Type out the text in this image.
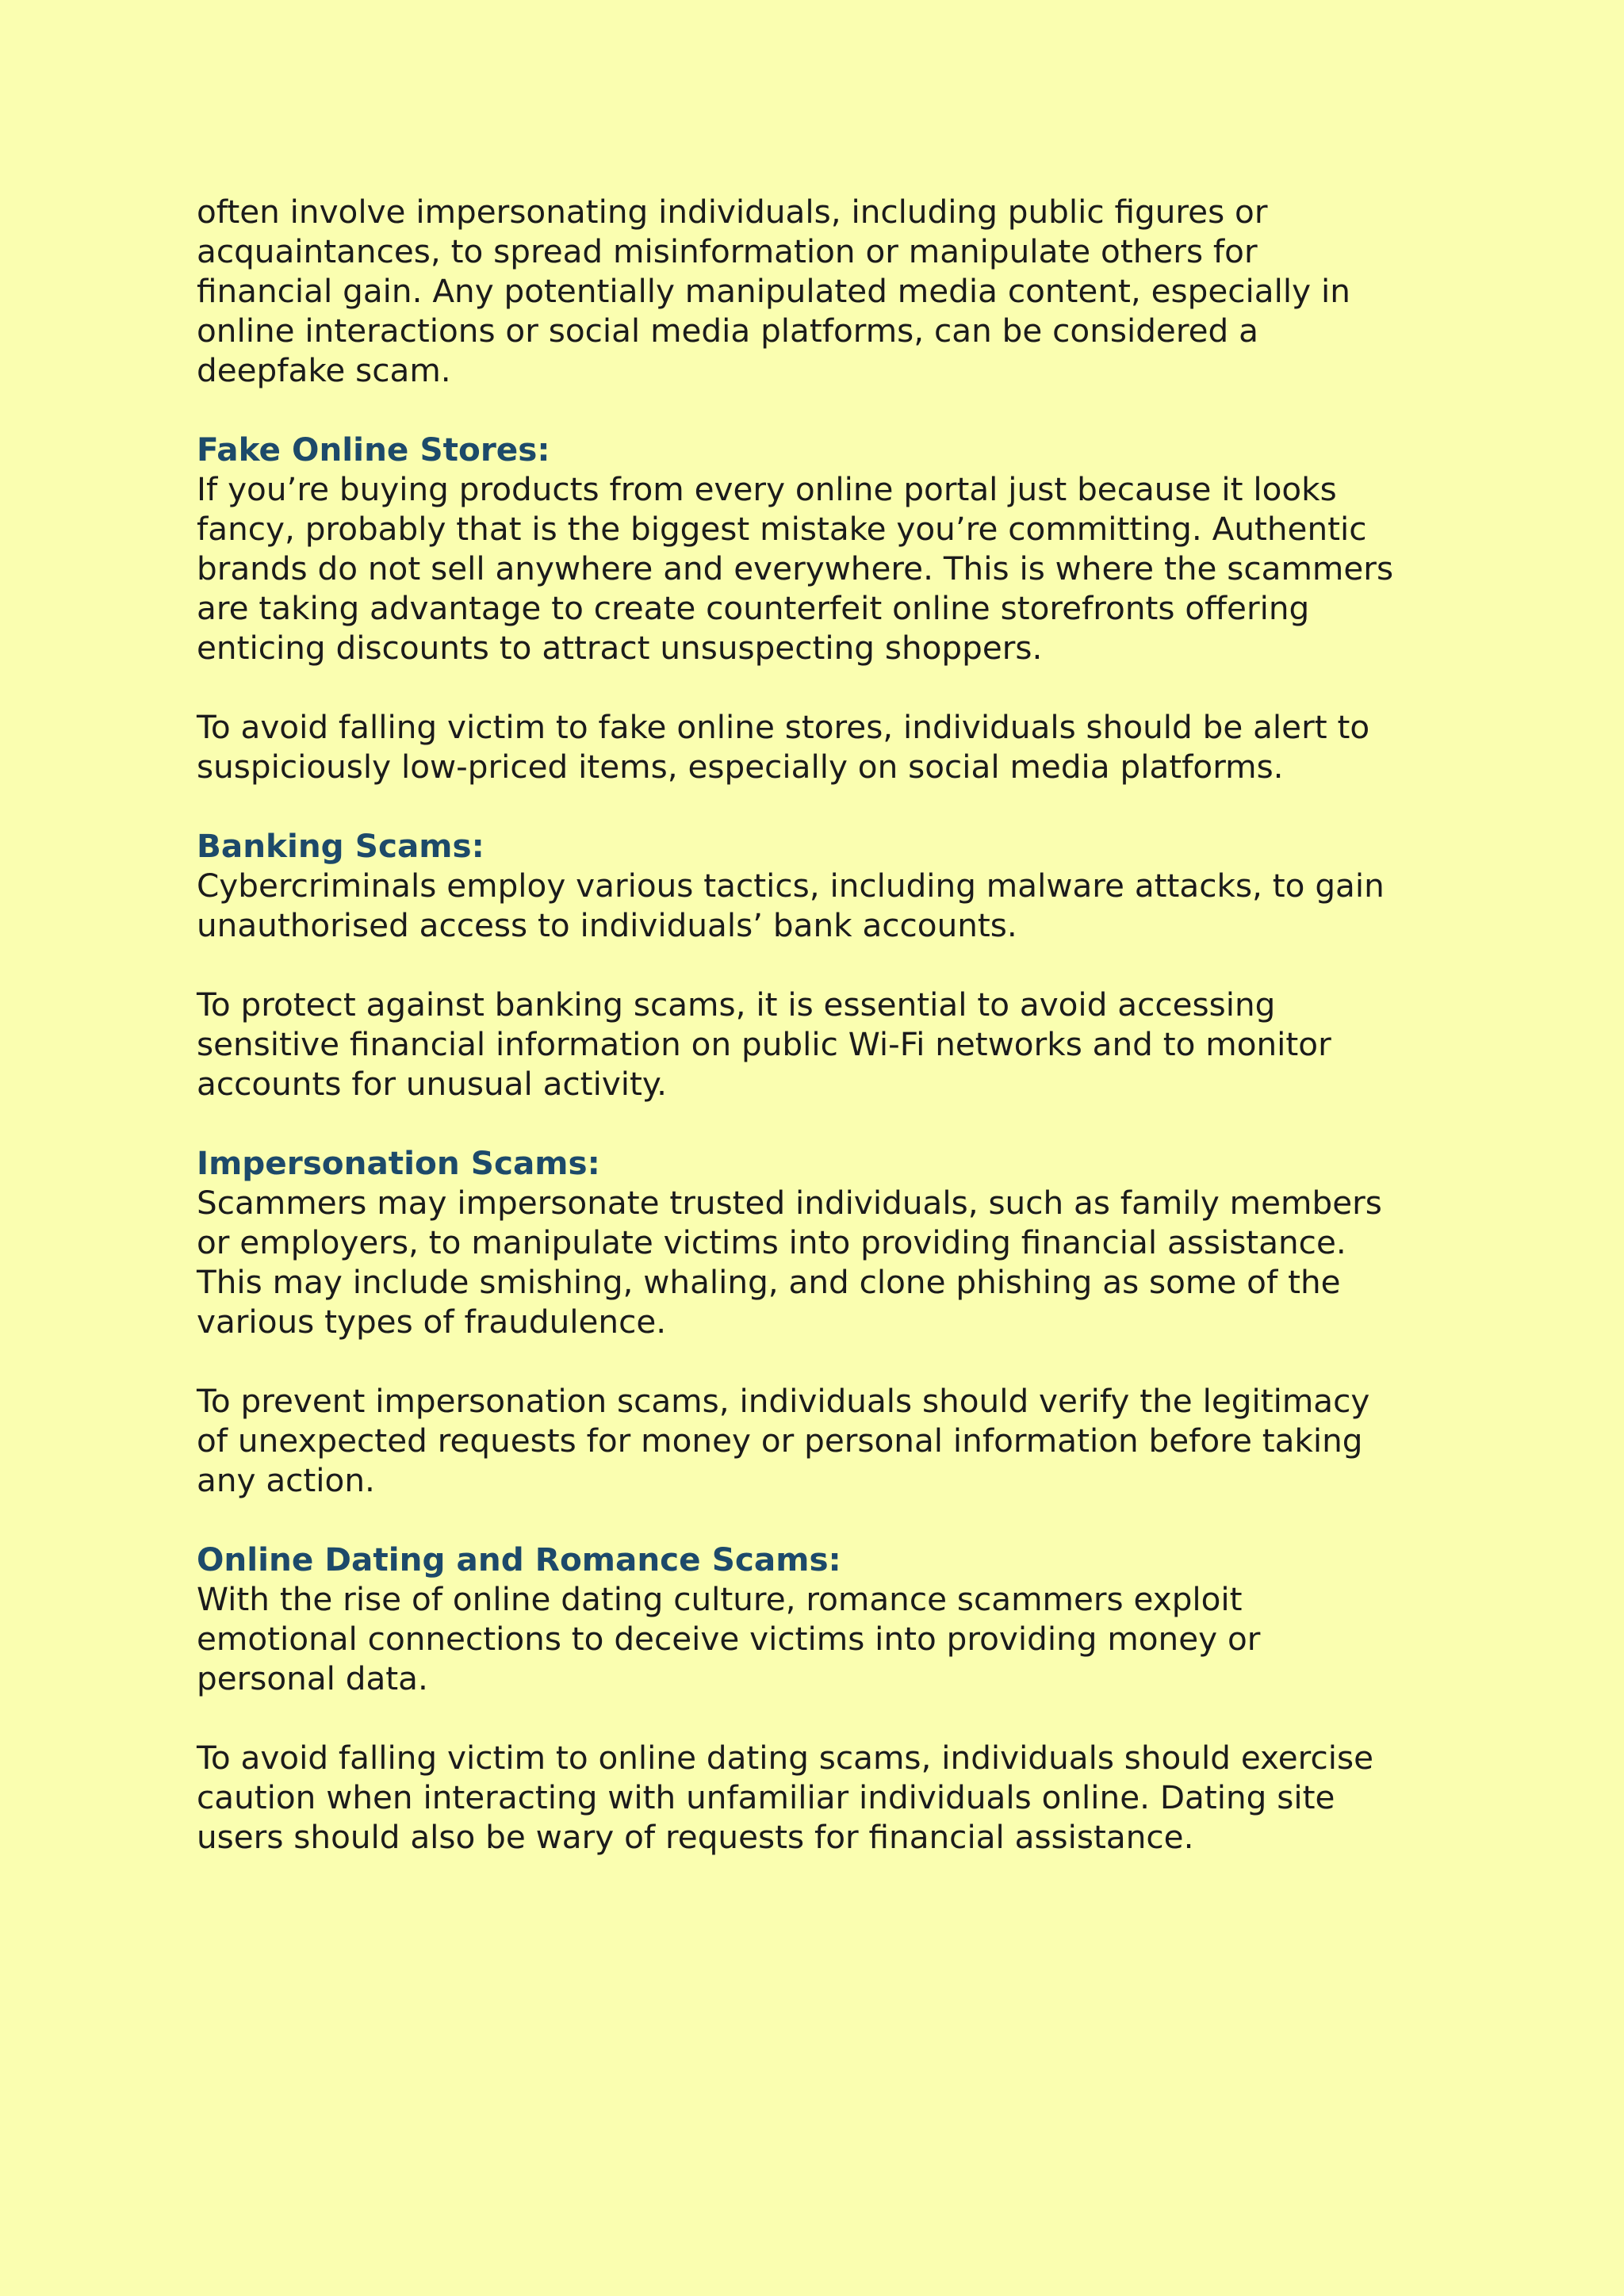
often involve impersonating individuals, including public figures or
acquaintances, to spread misinformation or manipulate others for
financial gain. Any potentially manipulated media content, especially in
online interactions or social media platforms, can be considered a
deepfake scam.

Fake Online Stores:

If you’re buying products from every online portal just because it looks
fancy, probably that is the biggest mistake you’re committing. Authentic
brands do not sell anywhere and everywhere. This is where the scammers
are taking advantage to create counterfeit online storefronts offering
enticing discounts to attract unsuspecting shoppers.

To avoid falling victim to fake online stores, individuals should be alert to
suspiciously low-priced items, especially on social media platforms.

Banking Scams:

Cybercriminals employ various tactics, including malware attacks, to gain
unauthorised access to individuals’ bank accounts.

To protect against banking scams, it is essential to avoid accessing
sensitive financial information on public Wi-Fi networks and to monitor
accounts for unusual activity.

Impersonation Scams:

Scammers may impersonate trusted individuals, such as family members
or employers, to manipulate victims into providing financial assistance.
This may include smishing, whaling, and clone phishing as some of the
various types of fraudulence.

To prevent impersonation scams, individuals should verify the legitimacy
of unexpected requests for money or personal information before taking
any action.

Online Dating and Romance Scams:

With the rise of online dating culture, romance scammers exploit
emotional connections to deceive victims into providing money or
personal data.

To avoid falling victim to online dating scams, individuals should exercise
caution when interacting with unfamiliar individuals online. Dating site
users should also be wary of requests for financial assistance.
